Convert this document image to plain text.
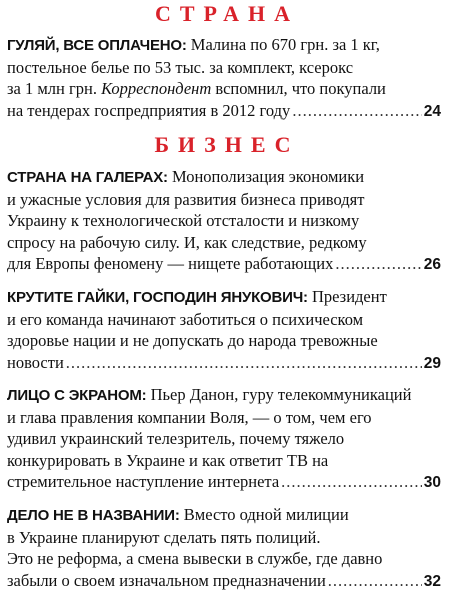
СТРАНА
ГУЛЯЙ, ВСЕ ОПЛАЧЕНО: Малина по 670 грн. за 1 кг,
постельное белье по 53 тыс. за комплект, ксерокс
за 1 млн грн. Корреспондент вспомнил, что покупали
на тендерах госпредприятия в 2012 году .....	24
БИЗНЕС
СТРАНА НА ГАЛЕРАХ: Монополизация экономики
и ужасные условия для развития бизнеса приводят
Украину к технологической отсталости и низкому
спросу на рабочую силу. И, как следствие, редкому
для Европы феномену — нищете работающих .....	26
КРУТИТЕ ГАЙКИ, ГОСПОДИН ЯНУКОВИЧ: Президент
и его команда начинают заботиться о психическом
здоровье нации и не допускать до народа тревожные
новости .....	29
ЛИЦО С ЭКРАНОМ: Пьер Данон, гуру телекоммуникаций
и глава правления компании Воля, — о том, чем его
удивил украинский телезритель, почему тяжело
конкурировать в Украине и как ответит ТВ на
стремительное наступление интернета .....	30
ДЕЛО НЕ В НАЗВАНИИ: Вместо одной милиции
в Украине планируют сделать пять полиций.
Это не реформа, а смена вывески в службе, где давно
забыли о своем изначальном предназначении .....	32
